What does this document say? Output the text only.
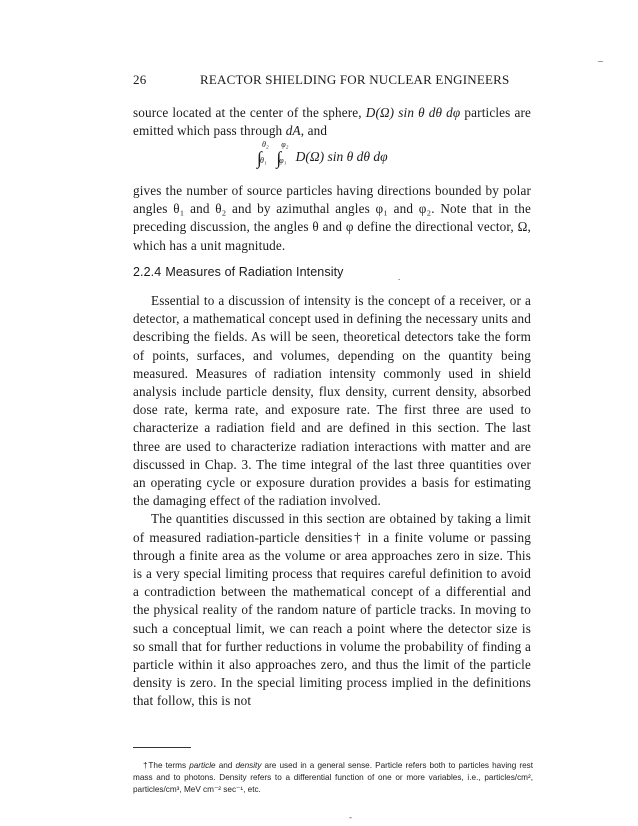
–
26	REACTOR SHIELDING FOR NUCLEAR ENGINEERS

source located at the center of the sphere, D(Ω) sin θ dθ dφ particles are emitted which pass through dA, and

∫
θ₂
θ₁ ∫
φ₂
φ₁ D(Ω) sin θ dθ dφ

gives the number of source particles having directions bounded by polar angles θ₁ and θ₂ and by azimuthal angles φ₁ and φ₂. Note that in the preceding discussion, the angles θ and φ define the directional vector, Ω, which has a unit magnitude.

2.2.4 Measures of Radiation Intensity	.

Essential to a discussion of intensity is the concept of a receiver, or a detector, a mathematical concept used in defining the necessary units and describing the fields. As will be seen, theoretical detectors take the form of points, surfaces, and volumes, depending on the quantity being measured. Measures of radiation intensity commonly used in shield analysis include particle density, flux density, current density, absorbed dose rate, kerma rate, and exposure rate. The first three are used to characterize a radiation field and are defined in this section. The last three are used to characterize radiation interactions with matter and are discussed in Chap. 3. The time integral of the last three quantities over an operating cycle or exposure duration provides a basis for estimating the damaging effect of the radiation involved.

The quantities discussed in this section are obtained by taking a limit of measured radiation-particle densities† in a finite volume or passing through a finite area as the volume or area approaches zero in size. This is a very special limiting process that requires careful definition to avoid a contradiction between the mathematical concept of a differential and the physical reality of the random nature of particle tracks. In moving to such a conceptual limit, we can reach a point where the detector size is so small that for further reductions in volume the probability of finding a particle within it also approaches zero, and thus the limit of the particle density is zero. In the special limiting process implied in the definitions that follow, this is not

†The terms particle and density are used in a general sense. Particle refers both to particles having rest mass and to photons. Density refers to a differential function of one or more variables, i.e., particles/cm², particles/cm³, MeV cm⁻² sec⁻¹, etc.

-
